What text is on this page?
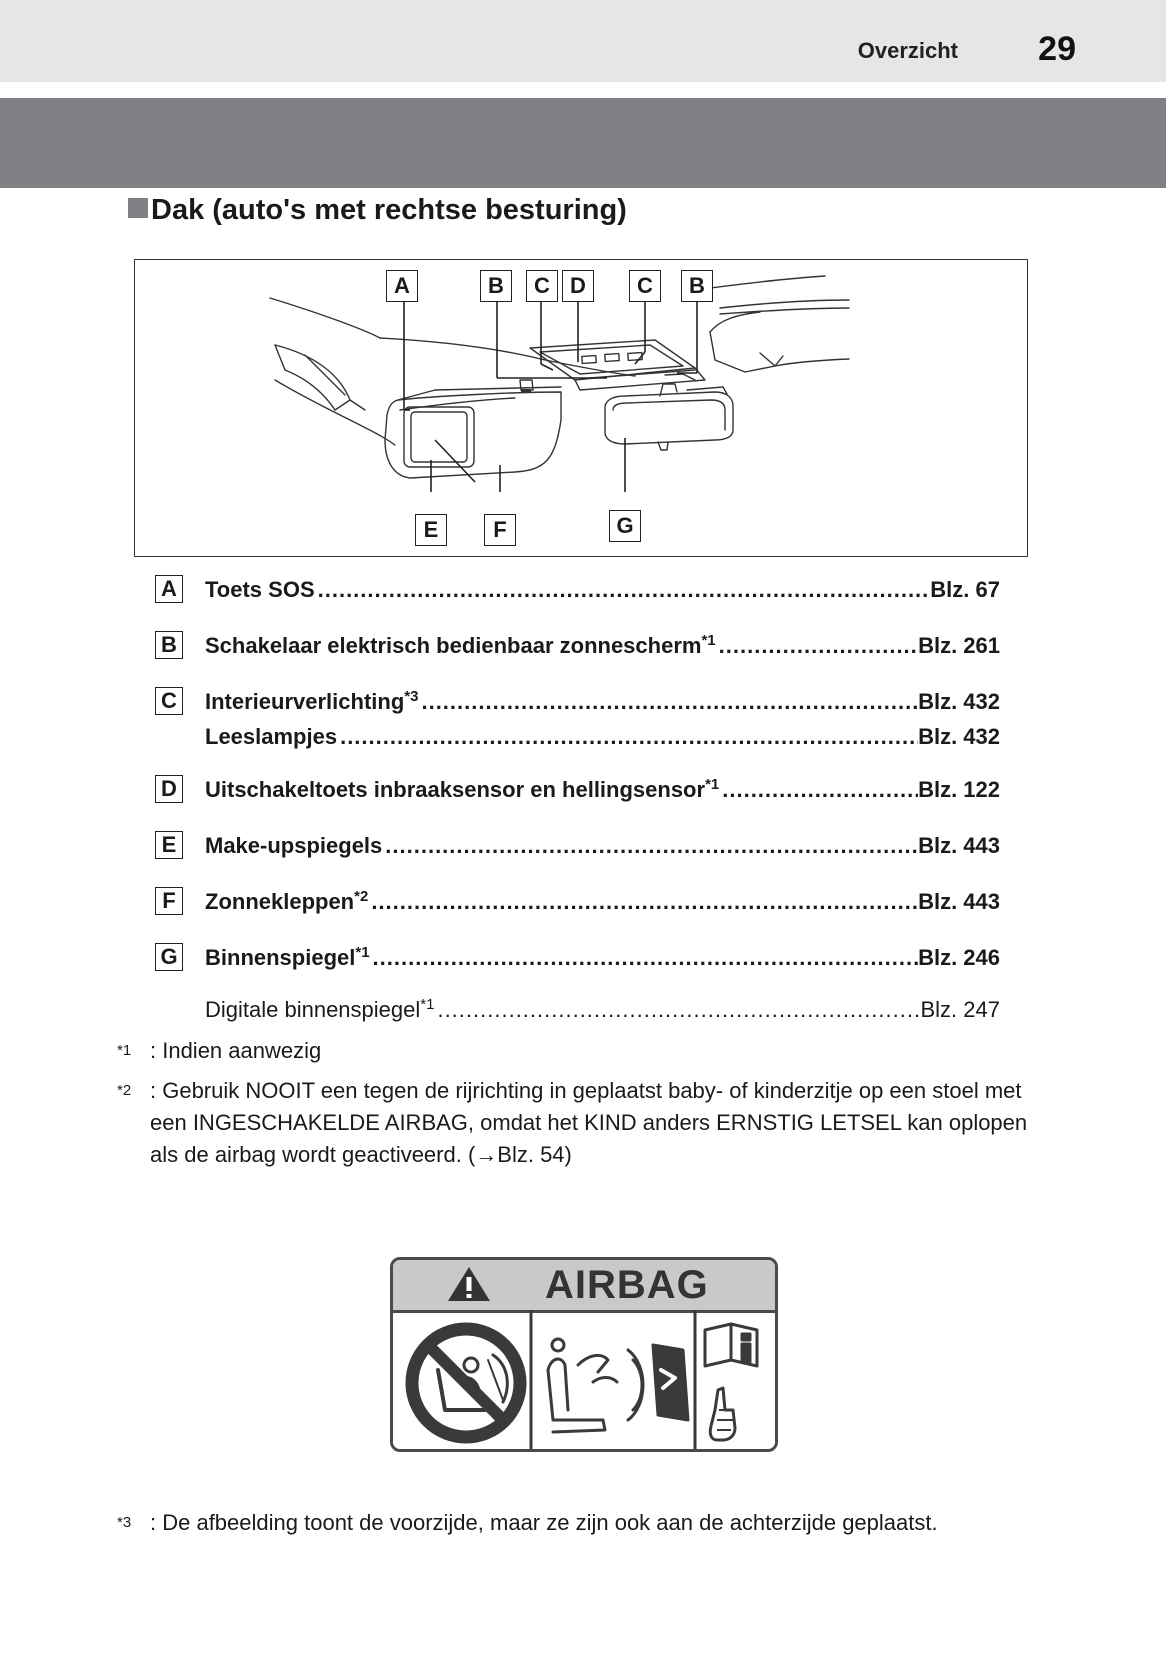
Overzicht 29
Dak (auto's met rechtse besturing)
A	B	C D	C	B
E	F	G
A Toets SOS .....	Blz. 67
B Schakelaar elektrisch bedienbaar zonnescherm$^{*1}$ .....	Blz. 261
C Interieurverlichting$^{*3}$ .....	Blz. 432
Leeslampjes .....	Blz. 432
D Uitschakeltoets inbraaksensor en hellingsensor$^{*1}$ .....	Blz. 122
E	Make-upspiegels .....	Blz. 443
F	Zonnekleppen$^{*2}$ .....	Blz. 443
G Binnenspiegel$^{*1}$ .....	Blz. 246
Digitale binnenspiegel$^{*1}$ .....	Blz. 247
$^{*1}$ : Indien aanwezig
$^{*2}$ : Gebruik NOOIT een tegen de rijrichting in geplaatst baby- of kinderzitje op een stoel met een INGESCHAKELDE AIRBAG, omdat het KIND anders ERNSTIG LETSEL kan oplopen als de airbag wordt geactiveerd. (→Blz. 54)
AIRBAG
$^{*3}$ : De afbeelding toont de voorzijde, maar ze zijn ook aan de achterzijde geplaatst.
